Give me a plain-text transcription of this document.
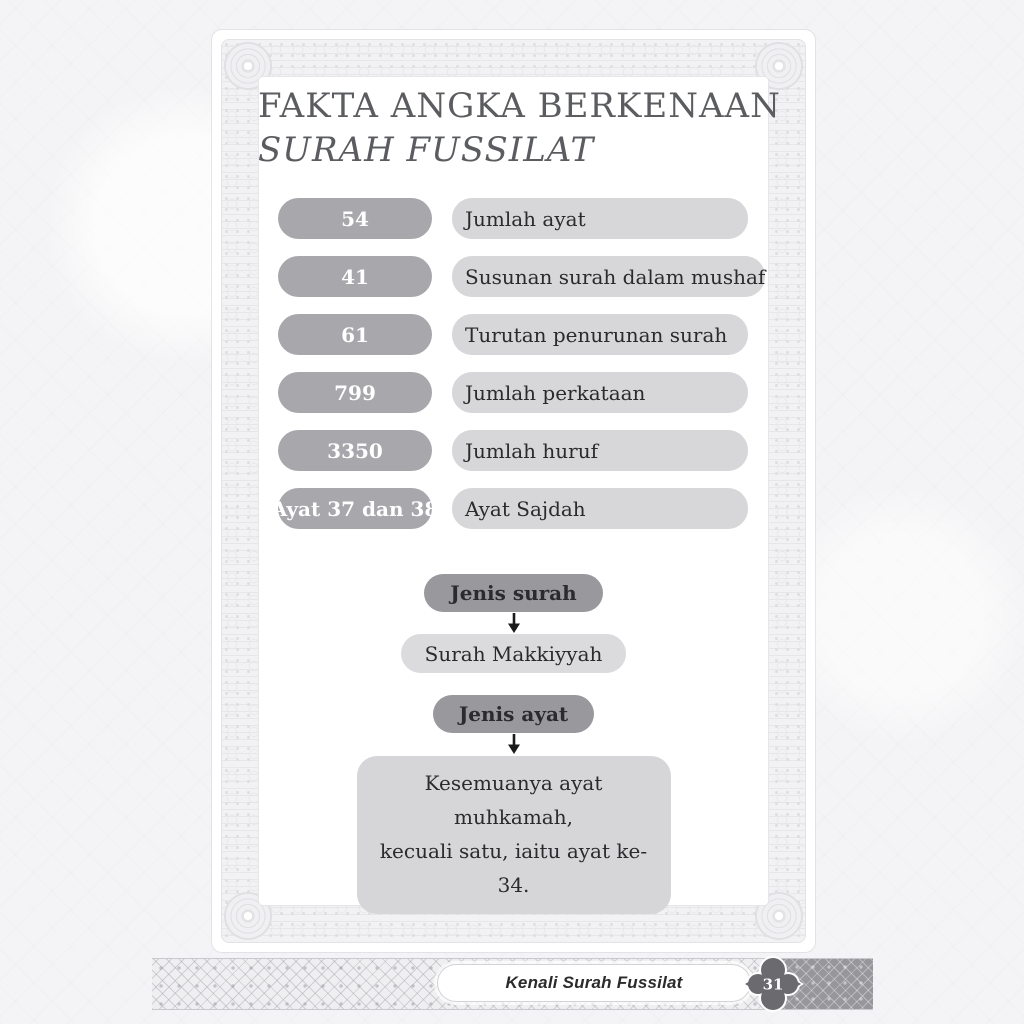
FAKTA ANGKA BERKENAAN
SURAH FUSSILAT
54	Jumlah ayat
41	Susunan surah dalam mushaf
61	Turutan penurunan surah
799	Jumlah perkataan
3350	Jumlah huruf
Ayat 37 dan 38	Ayat Sajdah
Jenis surah
Surah Makkiyyah
Jenis ayat
Kesemuanya ayat muhkamah,
kecuali satu, iaitu ayat ke-34.
Kenali Surah Fussilat	31
